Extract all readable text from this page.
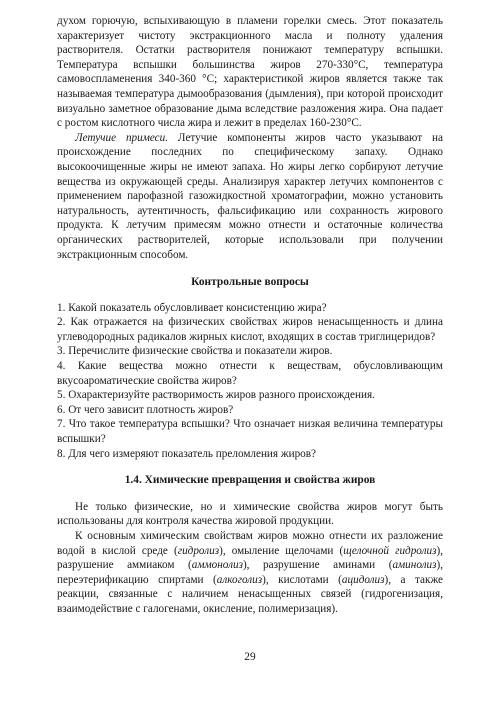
духом горючую, вспыхивающую в пламени горелки смесь. Этот показатель характеризует чистоту экстракционного масла и полноту удаления растворителя. Остатки растворителя понижают температуру вспышки. Температура вспышки большинства жиров 270-330°С, температура самовоспламенения 340-360 °С; характеристикой жиров является также так называемая температура дымообразования (дымления), при которой происходит визуально заметное образование дыма вследствие разложения жира. Она падает с ростом кислотного числа жира и лежит в пределах 160-230°С.

Летучие примеси. Летучие компоненты жиров часто указывают на происхождение последних по специфическому запаху. Однако высокоочищенные жиры не имеют запаха. Но жиры легко сорбируют летучие вещества из окружающей среды. Анализируя характер летучих компонентов с применением парофазной газожидкостной хроматографии, можно установить натуральность, аутентичность, фальсификацию или сохранность жирового продукта. К летучим примесям можно отнести и остаточные количества органических растворителей, которые использовали при получении экстракционным способом.

Контрольные вопросы
1. Какой показатель обусловливает консистенцию жира?
2. Как отражается на физических свойствах жиров ненасыщенность и длина углеводородных радикалов жирных кислот, входящих в состав триглицеридов?
3. Перечислите физические свойства и показатели жиров.
4. Какие вещества можно отнести к веществам, обусловливающим вкусоароматические свойства жиров?
5. Охарактеризуйте растворимость жиров разного происхождения.
6. От чего зависит плотность жиров?
7. Что такое температура вспышки? Что означает низкая величина температуры вспышки?
8. Для чего измеряют показатель преломления жиров?
1.4. Химические превращения и свойства жиров

Не только физические, но и химические свойства жиров могут быть использованы для контроля качества жировой продукции.

К основным химическим свойствам жиров можно отнести их разложение водой в кислой среде (гидролиз), омыление щелочами (щелочной гидролиз), разрушение аммиаком (аммонолиз), разрушение аминами (аминолиз), переэтерификацию спиртами (алкоголиз), кислотами (ацидолиз), а также реакции, связанные с наличием ненасыщенных связей (гидрогенизация, взаимодействие с галогенами, окисление, полимеризация).

29
